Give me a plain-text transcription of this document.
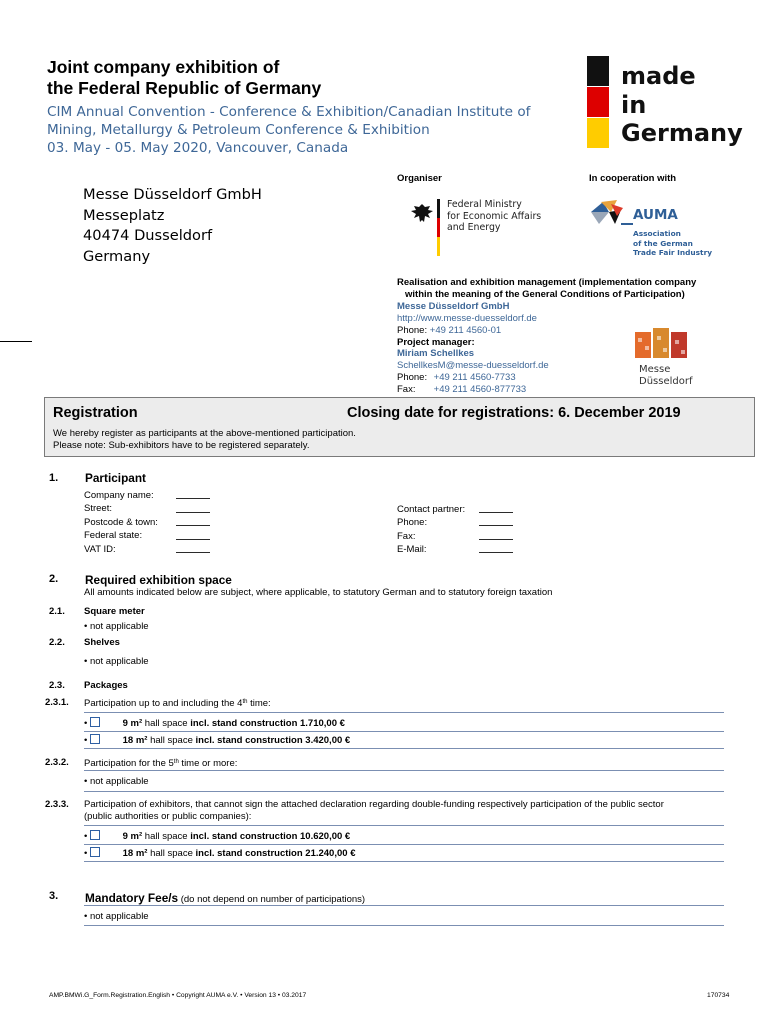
Joint company exhibition of
the Federal Republic of Germany
CIM Annual Convention - Conference & Exhibition/Canadian Institute of
Mining, Metallurgy & Petroleum Conference & Exhibition
03. May - 05. May 2020, Vancouver, Canada
made
in
Germany
Organiser	In cooperation with
Messe Düsseldorf GmbH
Messeplatz
40474 Dusseldorf
Germany
Federal Ministry
for Economic Affairs
and Energy
AUMA
Association
of the German
Trade Fair Industry
Realisation and exhibition management (implementation company
within the meaning of the General Conditions of Participation)
Messe Düsseldorf GmbH
http://www.messe-duesseldorf.de
Phone: +49 211 4560-01
Project manager:
Miriam Schellkes
SchellkesM@messe-duesseldorf.de
Phone: +49 211 4560-7733
Fax: +49 211 4560-877733
Messe
Düsseldorf
Registration	Closing date for registrations: 6. December 2019
We hereby register as participants at the above-mentioned participation.
Please note: Sub-exhibitors have to be registered separately.
1. Participant
Company name:
Street:
Postcode & town:
Federal state:
VAT ID:
Contact partner:
Phone:
Fax:
E-Mail:
2. Required exhibition space
All amounts indicated below are subject, where applicable, to statutory German and to statutory foreign taxation
2.1. Square meter
• not applicable
2.2. Shelves
• not applicable
2.3. Packages
2.3.1. Participation up to and including the 4th time:
•	9 m² hall space incl. stand construction 1.710,00 €
•	18 m² hall space incl. stand construction 3.420,00 €
2.3.2. Participation for the 5th time or more:
• not applicable
2.3.3. Participation of exhibitors, that cannot sign the attached declaration regarding double-funding respectively participation of the public sector
(public authorities or public companies):
•	9 m² hall space incl. stand construction 10.620,00 €
•	18 m² hall space incl. stand construction 21.240,00 €
3. Mandatory Fee/s (do not depend on number of participations)
• not applicable
AMP.BMWi.G_Form.Registration.English • Copyright AUMA e.V. • Version 13 • 03.2017	170734
